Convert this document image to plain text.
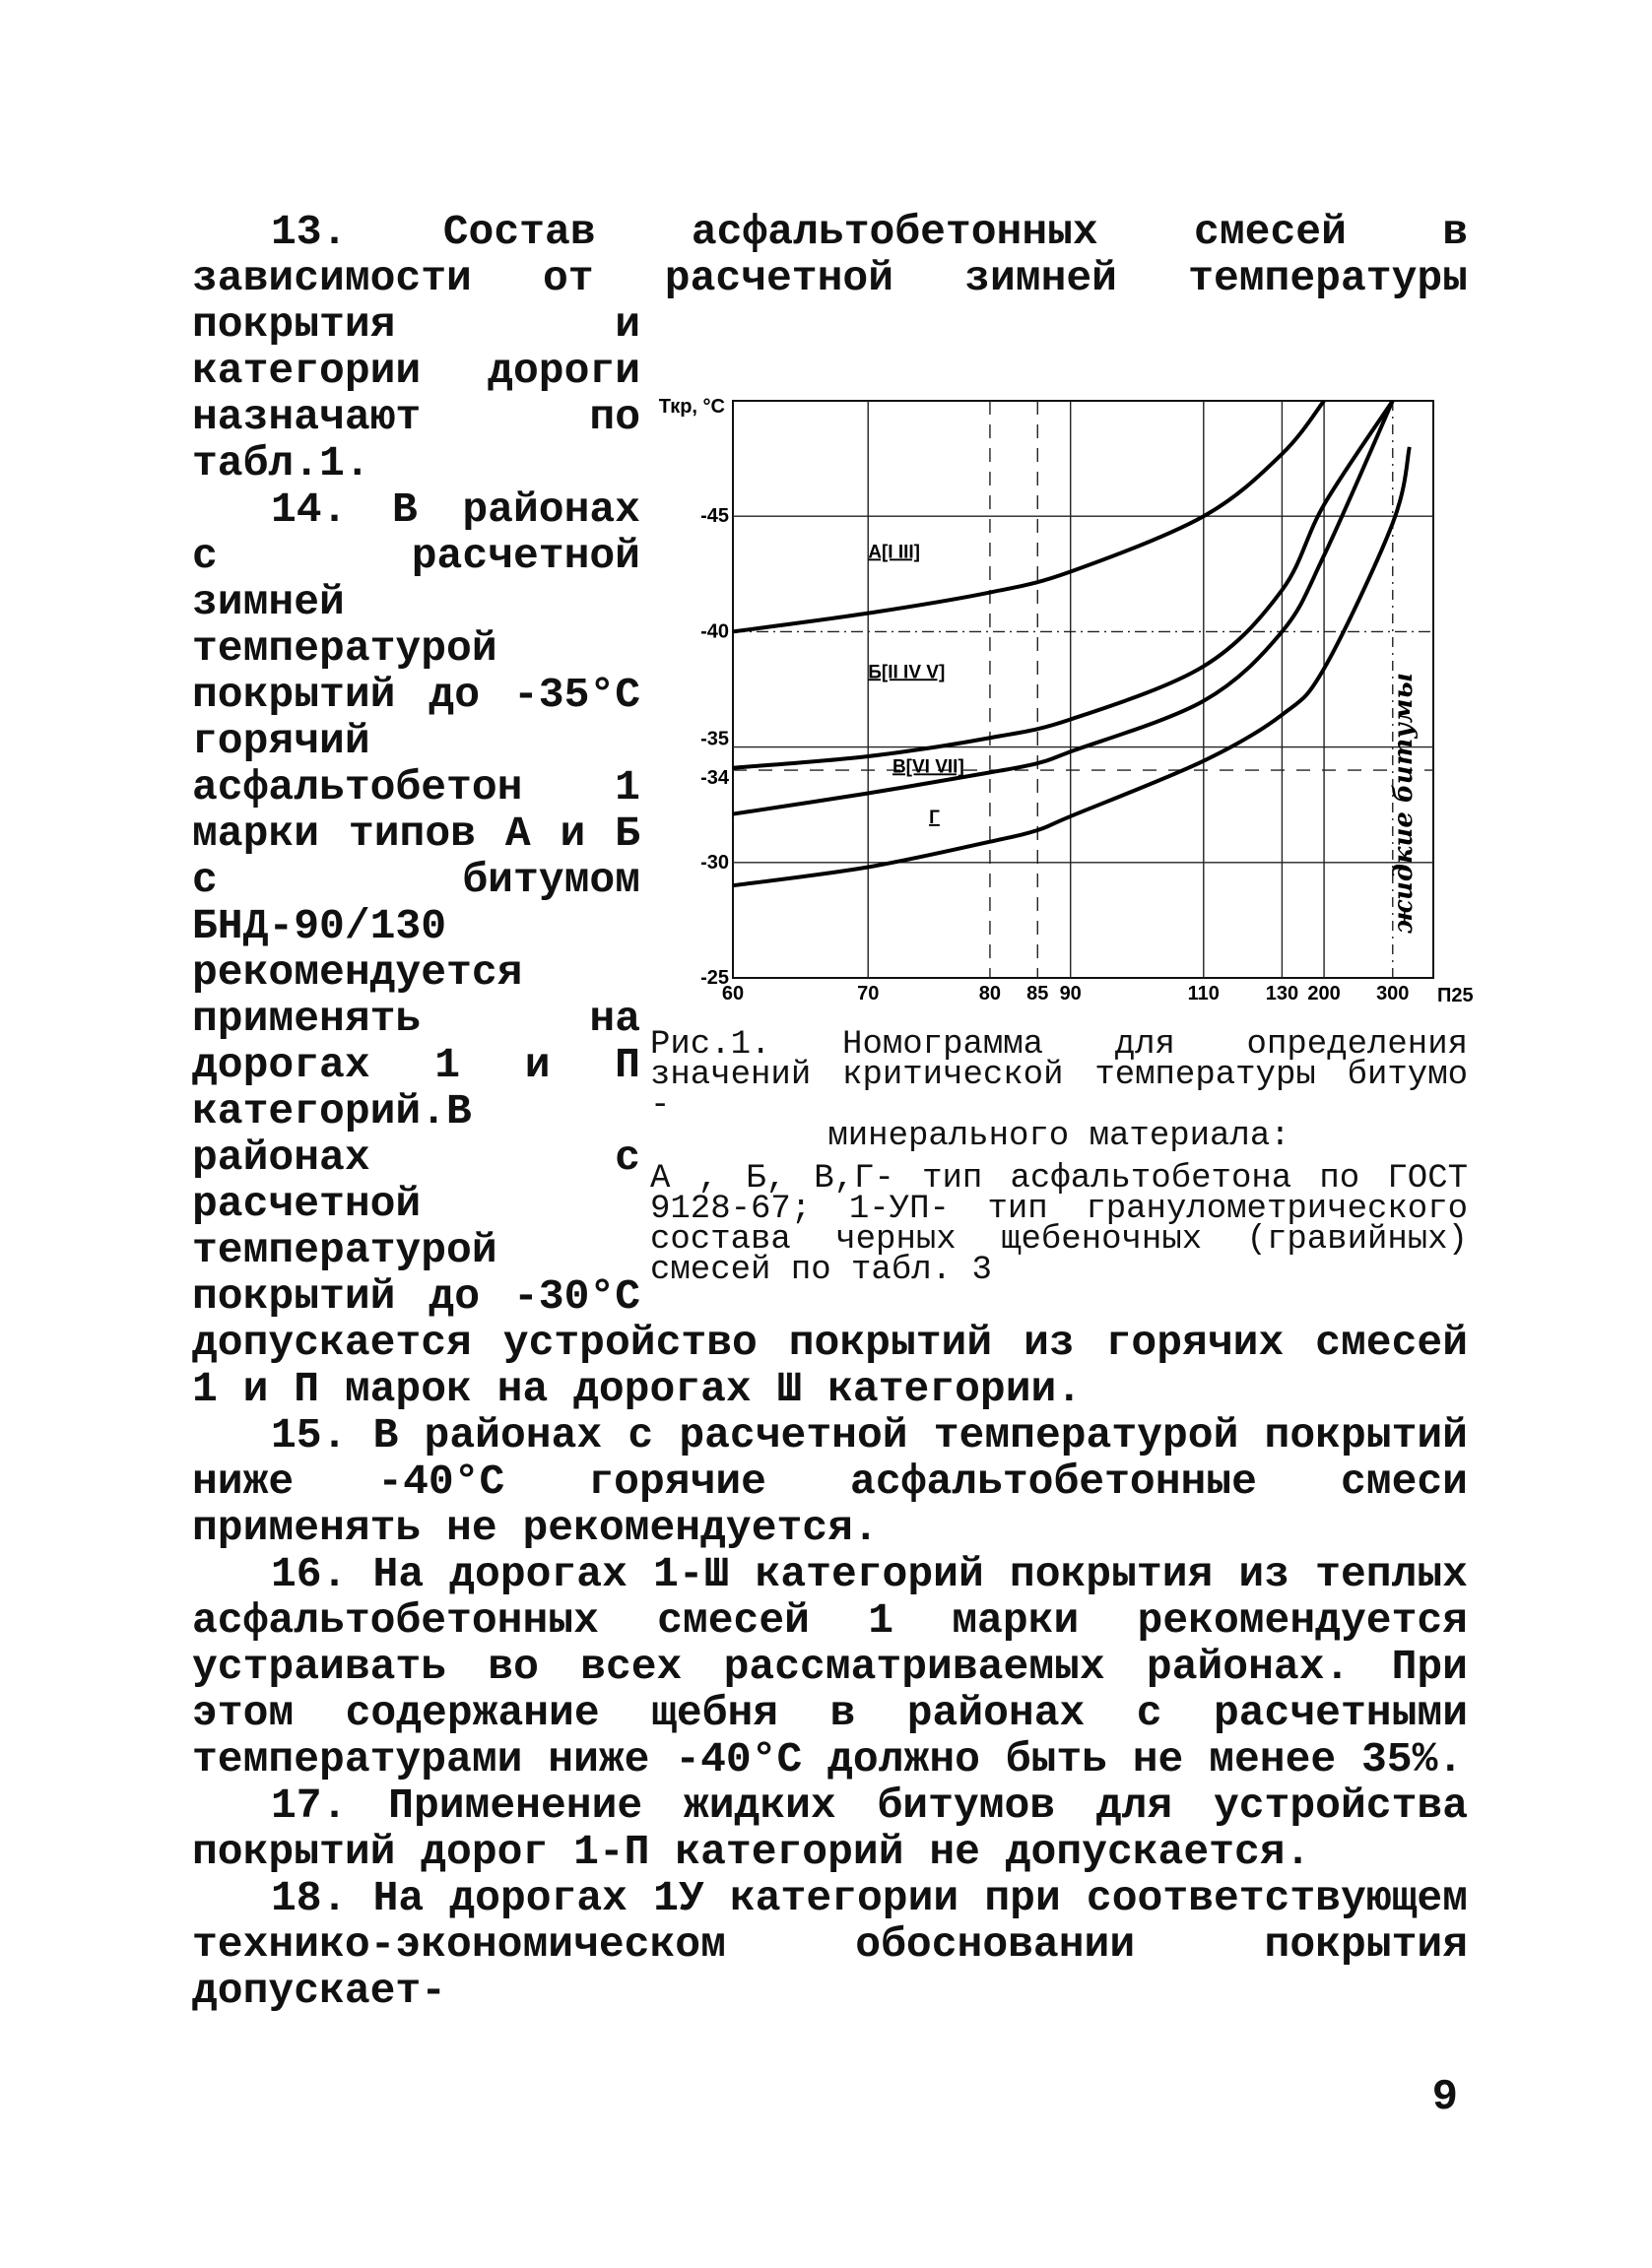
-45
-40
-35
-34
-30
-25
60	70	80 85 90	110 130 200 300
Ткр, °С
П25
жидкие битумы
А[I III]
Б[II IV V]
В[VI VII]
Г
Рис.1. Номограмма для определения значений критической температуры битумо -
минерального материала:
А , Б, В,Г- тип асфальтобетона по ГОСТ 9128-67; 1-УП- тип гранулометрического состава черных щебеночных (гравийных) смесей по табл. 3

13. Состав асфальтобетонных смесей в зависимости от расчетной зимней температуры покрытия и категории дороги назначают по табл.1.

14. В районах с расчетной зимней температурой покрытий до -35°С горячий асфальтобетон 1 марки типов А и Б с битумом БНД-90/130 рекомендуется применять на дорогах 1 и П категорий.В районах с расчетной температурой покрытий до -30°С допускается устройство покрытий из горячих смесей 1 и П марок на дорогах Ш категории.

15. В районах с расчетной температурой покрытий ниже -40°С горячие асфальтобетонные смеси применять не рекомендуется.

16. На дорогах 1-Ш категорий покрытия из теплых асфальтобетонных смесей 1 марки рекомендуется устраивать во всех рассматриваемых районах. При этом содержание щебня в районах с расчетными температурами ниже -40°С должно быть не менее 35%.

17. Применение жидких битумов для устройства покрытий дорог 1-П категорий не допускается.

18. На дорогах 1У категории при соответствующем технико-экономическом обосновании покрытия допускает-

9
